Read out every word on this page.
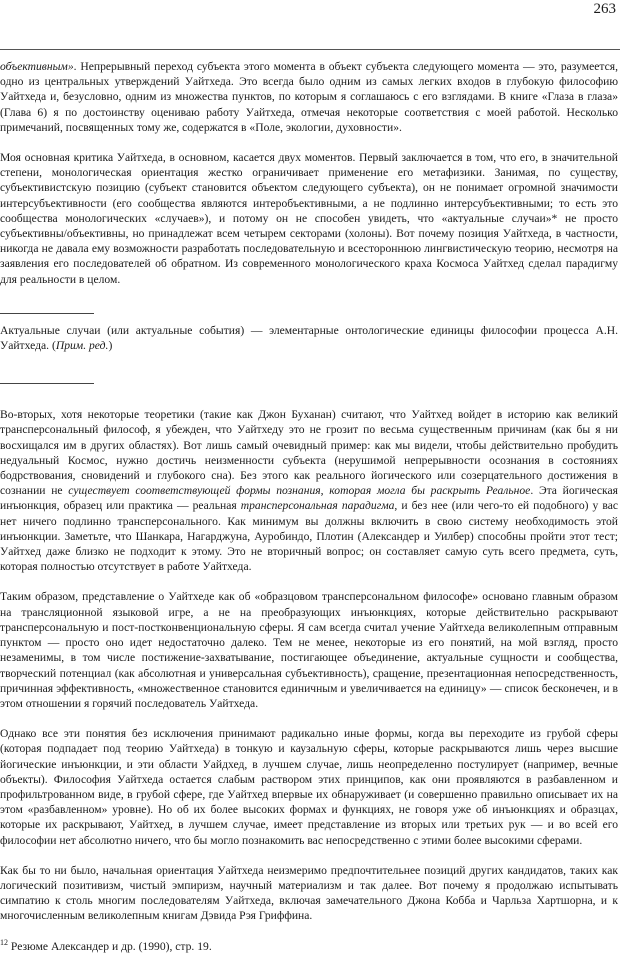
263

объективным». Непрерывный переход субъекта этого момента в объект субъекта следующего момента — это, разумеется, одно из центральных утверждений Уайтхеда. Это всегда было одним из самых легких входов в глубокую философию Уайтхеда и, безусловно, одним из множества пунктов, по которым я соглашаюсь с его взглядами. В книге «Глаза в глаза» (Глава 6) я по достоинству оцениваю работу Уайтхеда, отмечая некоторые соответствия с моей работой. Несколько примечаний, посвященных тому же, содержатся в «Поле, экологии, духовности».

Моя основная критика Уайтхеда, в основном, касается двух моментов. Первый заключается в том, что его, в значительной степени, монологическая ориентация жестко ограничивает применение его метафизики. Занимая, по существу, субъективистскую позицию (субъект становится объектом следующего субъекта), он не понимает огромной значимости интерсубъективности (его сообщества являются интеробъективными, а не подлинно интерсубъективными; то есть это сообщества монологических «случаев»), и потому он не способен увидеть, что «актуальные случаи»* не просто субъективны/объективны, но принадлежат всем четырем секторами (холоны). Вот почему позиция Уайтхеда, в частности, никогда не давала ему возможности разработать последовательную и всестороннюю лингвистическую теорию, несмотря на заявления его последователей об обратном. Из современного монологического краха Космоса Уайтхед сделал парадигму для реальности в целом.

Актуальные случаи (или актуальные события) — элементарные онтологические единицы философии процесса А.Н. Уайтхеда. (Прим. ред.)

Во-вторых, хотя некоторые теоретики (такие как Джон Буханан) считают, что Уайтхед войдет в историю как великий трансперсональный философ, я убежден, что Уайтхеду это не грозит по весьма существенным причинам (как бы я ни восхищался им в других областях). Вот лишь самый очевидный пример: как мы видели, чтобы действительно пробудить недуальный Космос, нужно достичь неизменности субъекта (нерушимой непрерывности осознания в состояниях бодрствования, сновидений и глубокого сна). Без этого как реального йогического или созерцательного достижения в сознании не существует соответствующей формы познания, которая могла бы раскрыть Реальное. Эта йогическая инъюнкция, образец или практика — реальная трансперсональная парадигма, и без нее (или чего-то ей подобного) у вас нет ничего подлинно трансперсонального. Как минимум вы должны включить в свою систему необходимость этой инъюнкции. Заметьте, что Шанкара, Нагарджуна, Ауробиндо, Плотин (Александер и Уилбер) способны пройти этот тест; Уайтхед даже близко не подходит к этому. Это не вторичный вопрос; он составляет самую суть всего предмета, суть, которая полностью отсутствует в работе Уайтхеда.

Таким образом, представление о Уайтхеде как об «образцовом трансперсональном философе» основано главным образом на трансляционной языковой игре, а не на преобразующих инъюнкциях, которые действительно раскрывают трансперсональную и пост-постконвенциональную сферы. Я сам всегда считал учение Уайтхеда великолепным отправным пунктом — просто оно идет недостаточно далеко. Тем не менее, некоторые из его понятий, на мой взгляд, просто незаменимы, в том числе постижение-захватывание, постигающее объединение, актуальные сущности и сообщества, творческий потенциал (как абсолютная и универсальная субъективность), сращение, презентационная непосредственность, причинная эффективность, «множественное становится единичным и увеличивается на единицу» — список бесконечен, и в этом отношении я горячий последователь Уайтхеда.

Однако все эти понятия без исключения принимают радикально иные формы, когда вы переходите из грубой сферы (которая подпадает под теорию Уайтхеда) в тонкую и каузальную сферы, которые раскрываются лишь через высшие йогические инъюнкции, и эти области Уайдхед, в лучшем случае, лишь неопределенно постулирует (например, вечные объекты). Философия Уайтхеда остается слабым раствором этих принципов, как они проявляются в разбавленном и профильтрованном виде, в грубой сфере, где Уайтхед впервые их обнаруживает (и совершенно правильно описывает их на этом «разбавленном» уровне). Но об их более высоких формах и функциях, не говоря уже об инъюнкциях и образцах, которые их раскрывают, Уайтхед, в лучшем случае, имеет представление из вторых или третьих рук — и во всей его философии нет абсолютно ничего, что бы могло познакомить вас непосредственно с этими более высокими сферами.

Как бы то ни было, начальная ориентация Уайтхеда неизмеримо предпочтительнее позиций других кандидатов, таких как логический позитивизм, чистый эмпиризм, научный материализм и так далее. Вот почему я продолжаю испытывать симпатию к столь многим последователям Уайтхеда, включая замечательного Джона Кобба и Чарльза Хартшорна, и к многочисленным великолепным книгам Дэвида Рэя Гриффина.

$^{12}$ Резюме Александер и др. (1990), стр. 19.
